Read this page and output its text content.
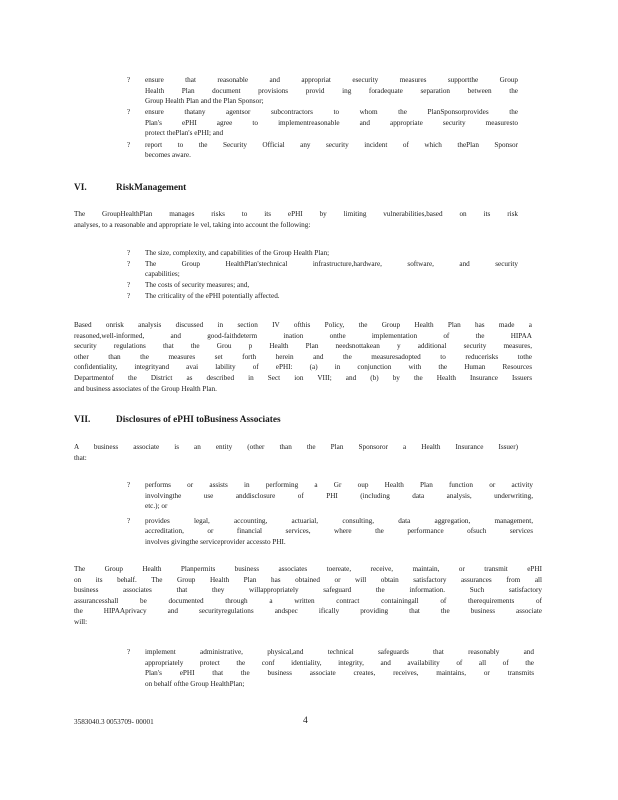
? ensure that reasonable and appropriat esecurity measures supportthe Group
Health Plan document provisions provid ing foradequate separation between the
Group Health Plan and the Plan Sponsor;
? ensure thatany agentsor subcontractors to whom the PlanSponsorprovides the
Plan's ePHI agree to implementreasonable and appropriate security measuresto
protect thePlan's ePHI; and
? report to the Security Official any security incident of which thePlan Sponsor
becomes aware.
VI.	RiskManagement
The GroupHealthPlan manages risks to its ePHI by limiting vulnerabilities,based on its risk
analyses, to a reasonable and appropriate le vel, taking into account the following:
? The size, complexity, and capabilities of the Group Health Plan;
? The Group HealthPlan'stechnical infrastructure,hardware, software, and security
capabilities;
? The costs of security measures; and,
? The criticality of the ePHI potentially affected.
Based onrisk analysis discussed in section IV ofthis Policy, the Group Health Plan has made a
reasoned,well-informed, and good-faithdeterm ination onthe implementation of the HIPAA
security regulations that the Grou p Health Plan needsnottakean y additional security measures,
other than the measures set forth herein and the measuresadopted to reducerisks tothe
confidentiality, integrityand avai lability of ePHI: (a) in conjunction with the Human Resources
Departmentof the District as described in Sect ion VIII; and (b) by the Health Insurance Issuers
and business associates of the Group Health Plan.
VII.	Disclosures of ePHI toBusiness Associates
A business associate is an entity (other than the Plan Sponsoror a Health Insurance Issuer)
that:
? performs or assists in performing a Gr oup Health Plan function or activity
involvingthe use anddisclosure of PHI (including data analysis, underwriting,
etc.); or
? provides legal, accounting, actuarial, consulting, data aggregation, management,
accreditation, or financial services, where the performance ofsuch services
involves givingthe serviceprovider accessto PHI.
The Group Health Planpermits business associates toereate, receive, maintain, or transmit ePHI
on its behalf. The Group Health Plan has obtained or will obtain satisfactory assurances from all
business associates that they willappropriately safeguard the information. Such satisfactory
assurancesshall be documented through a written contract containingall of therequirements of
the HIPAAprivacy and securityregulations andspec ifically providing that the business associate
will:
? implement administrative, physical,and technical safeguards that reasonably and
appropriately protect the conf identiality, integrity, and availability of all of the
Plan's ePHI that the business associate creates, receives, maintains, or transmits
on behalf ofthe Group HealthPlan;
3583040.3 0053709- 00001	4
